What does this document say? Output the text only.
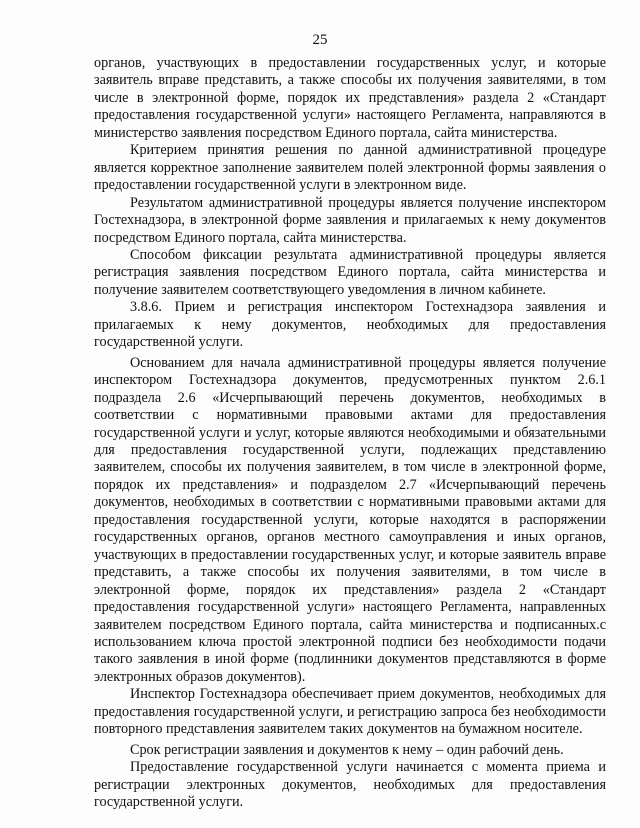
25

органов, участвующих в предоставлении государственных услуг, и которые заявитель вправе представить, а также способы их получения заявителями, в том числе в электронной форме, порядок их представления» раздела 2 «Стандарт предоставления государственной услуги» настоящего Регламента, направляются в министерство заявления посредством Единого портала, сайта министерства.

Критерием принятия решения по данной административной процедуре является корректное заполнение заявителем полей электронной формы заявления о предоставлении государственной услуги в электронном виде.

Результатом административной процедуры является получение инспектором Гостехнадзора, в электронной форме заявления и прилагаемых к нему документов посредством Единого портала, сайта министерства.

Способом фиксации результата административной процедуры является регистрация заявления посредством Единого портала, сайта министерства и получение заявителем соответствующего уведомления в личном кабинете.

3.8.6. Прием и регистрация инспектором Гостехнадзора заявления и прилагаемых к нему документов, необходимых для предоставления государственной услуги.

Основанием для начала административной процедуры является получение инспектором Гостехнадзора документов, предусмотренных пунктом 2.6.1 подраздела 2.6 «Исчерпывающий перечень документов, необходимых в соответствии с нормативными правовыми актами для предоставления государственной услуги и услуг, которые являются необходимыми и обязательными для предоставления государственной услуги, подлежащих представлению заявителем, способы их получения заявителем, в том числе в электронной форме, порядок их представления» и подразделом 2.7 «Исчерпывающий перечень документов, необходимых в соответствии с нормативными правовыми актами для предоставления государственной услуги, которые находятся в распоряжении государственных органов, органов местного самоуправления и иных органов, участвующих в предоставлении государственных услуг, и которые заявитель вправе представить, а также способы их получения заявителями, в том числе в электронной форме, порядок их представления» раздела 2 «Стандарт предоставления государственной услуги» настоящего Регламента, направленных заявителем посредством Единого портала, сайта министерства и подписанных.с использованием ключа простой электронной подписи без необходимости подачи такого заявления в иной форме (подлинники документов представляются в форме электронных образов документов).

Инспектор Гостехнадзора обеспечивает прием документов, необходимых для предоставления государственной услуги, и регистрацию запроса без необходимости повторного представления заявителем таких документов на бумажном носителе.

Срок регистрации заявления и документов к нему – один рабочий день.

Предоставление государственной услуги начинается с момента приема и регистрации электронных документов, необходимых для предоставления государственной услуги.
